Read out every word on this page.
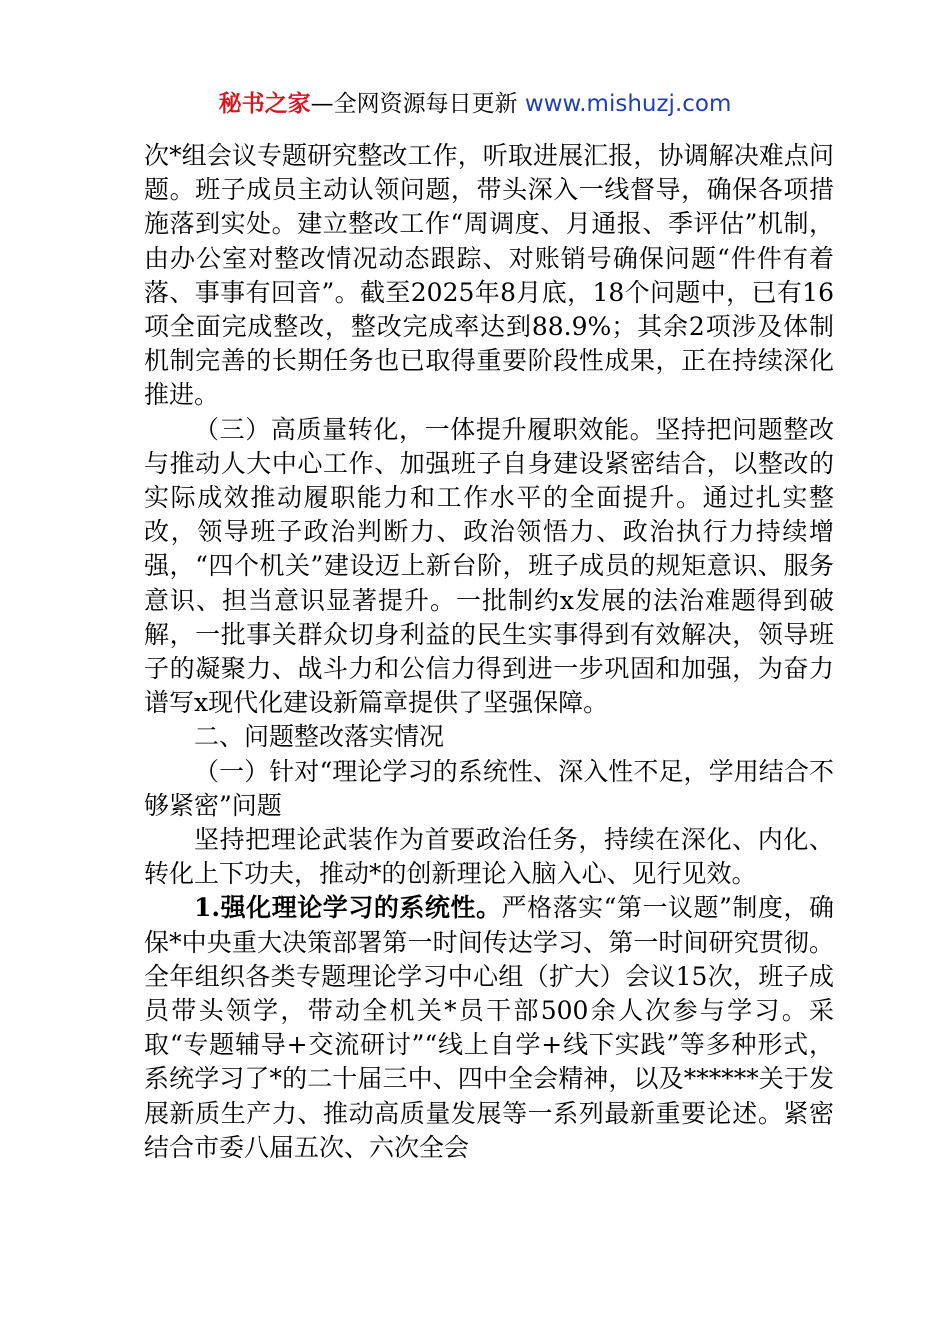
秘书之家—全网资源每日更新 www.mishuzj.com

次*组会议专题研究整改工作，听取进展汇报，协调解决难点问题。班子成员主动认领问题，带头深入一线督导，确保各项措施落到实处。建立整改工作“周调度、月通报、季评估”机制，由办公室对整改情况动态跟踪、对账销号确保问题“件件有着落、事事有回音”。截至2025年8月底，18个问题中，已有16项全面完成整改，整改完成率达到88.9%；其余2项涉及体制机制完善的长期任务也已取得重要阶段性成果，正在持续深化推进。

（三）高质量转化，一体提升履职效能。坚持把问题整改与推动人大中心工作、加强班子自身建设紧密结合，以整改的实际成效推动履职能力和工作水平的全面提升。通过扎实整改，领导班子政治判断力、政治领悟力、政治执行力持续增强，“四个机关”建设迈上新台阶，班子成员的规矩意识、服务意识、担当意识显著提升。一批制约x发展的法治难题得到破解，一批事关群众切身利益的民生实事得到有效解决，领导班子的凝聚力、战斗力和公信力得到进一步巩固和加强，为奋力谱写x现代化建设新篇章提供了坚强保障。

二、问题整改落实情况

（一）针对“理论学习的系统性、深入性不足，学用结合不够紧密”问题

坚持把理论武装作为首要政治任务，持续在深化、内化、转化上下功夫，推动*的创新理论入脑入心、见行见效。

1.强化理论学习的系统性。严格落实“第一议题”制度，确保*中央重大决策部署第一时间传达学习、第一时间研究贯彻。全年组织各类专题理论学习中心组（扩大）会议15次，班子成员带头领学，带动全机关*员干部500余人次参与学习。采取“专题辅导+交流研讨”“线上自学+线下实践”等多种形式，系统学习了*的二十届三中、四中全会精神，以及******关于发展新质生产力、推动高质量发展等一系列最新重要论述。紧密结合市委八届五次、六次全会
